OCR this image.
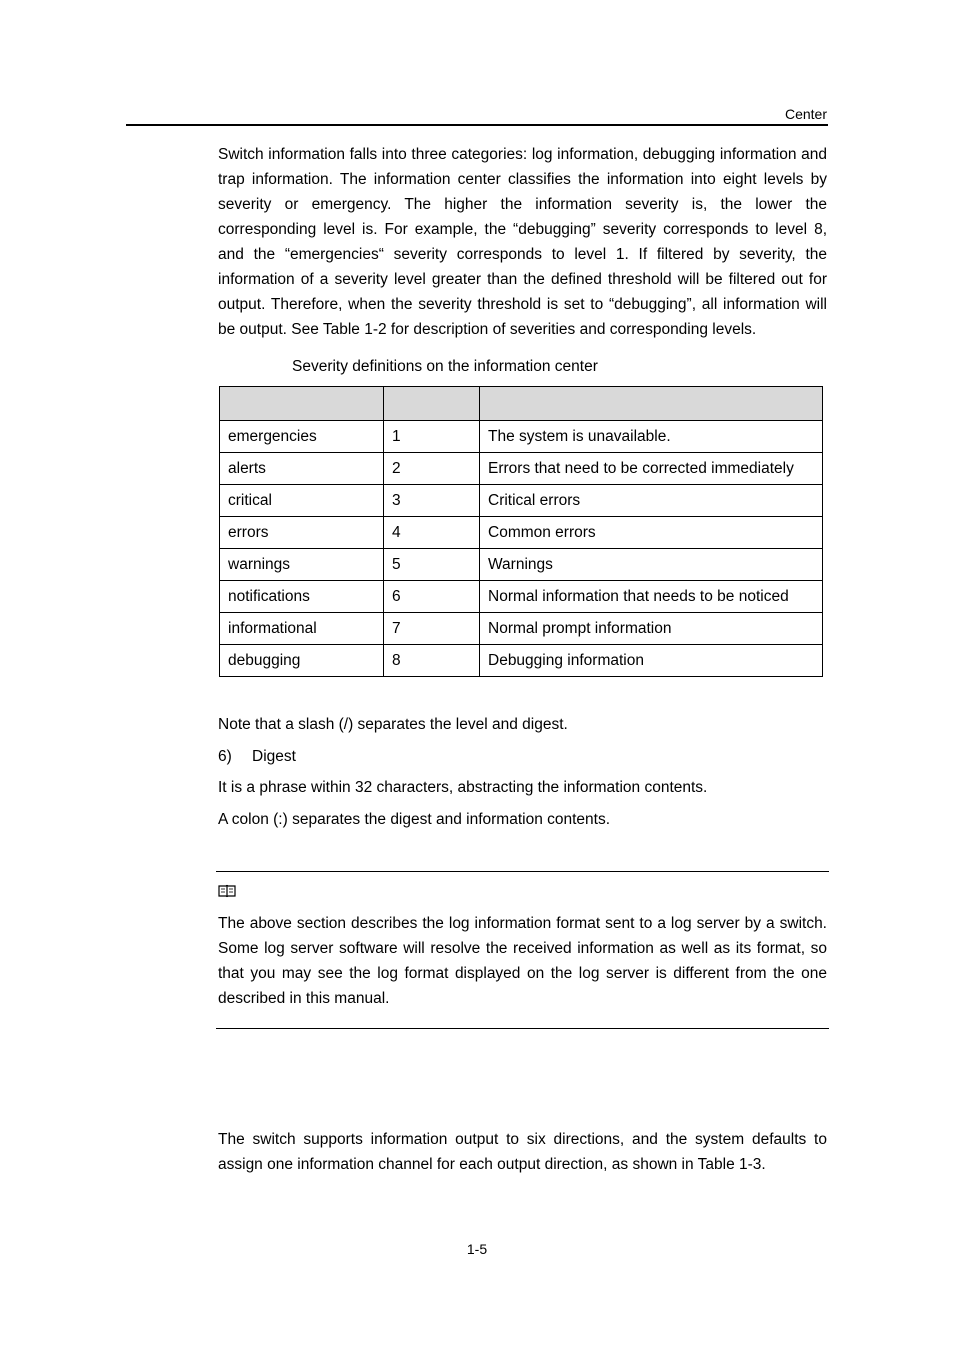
Center

Switch information falls into three categories: log information, debugging information and trap information. The information center classifies the information into eight levels by severity or emergency. The higher the information severity is, the lower the corresponding level is. For example, the “debugging” severity corresponds to level 8, and the “emergencies“ severity corresponds to level 1. If filtered by severity, the information of a severity level greater than the defined threshold will be filtered out for output. Therefore, when the severity threshold is set to “debugging”, all information will be output. See Table 1-2 for description of severities and corresponding levels.

Severity definitions on the information center

emergencies	1	The system is unavailable.
alerts	2	Errors that need to be corrected immediately
critical	3	Critical errors
errors	4	Common errors
warnings	5	Warnings
notifications	6	Normal information that needs to be noticed
informational	7	Normal prompt information
debugging	8	Debugging information
Note that a slash (/) separates the level and digest.
6) Digest
It is a phrase within 32 characters, abstracting the information contents.
A colon (:) separates the digest and information contents.

The above section describes the log information format sent to a log server by a switch. Some log server software will resolve the received information as well as its format, so that you may see the log format displayed on the log server is different from the one described in this manual.

The switch supports information output to six directions, and the system defaults to assign one information channel for each output direction, as shown in Table 1-3.

1-5
